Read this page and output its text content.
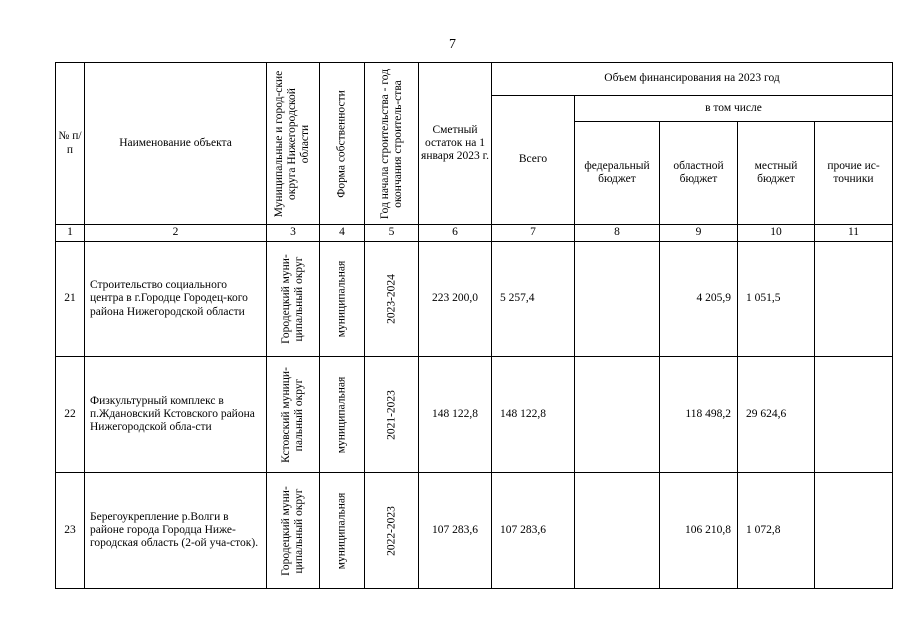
7
№ п/п	Наименование объекта	Муниципальные и город-ские округа Нижегородской области	Форма собственности	Год начала строительства - год окончания строитель-ства	Сметный остаток на 1 января 2023 г.	Объем финансирования на 2023 год				
						Всего	в том числе			
							федеральный бюджет	областной бюджет	местный бюджет	прочие ис-точники
1	2	3	4	5	6	7	8	9	10	11
21	Строительство социального центра в г.Городце Городец-кого района Нижегородской области	Городецкий муни-ципальный округ	муниципальная	2023-2024	223 200,0	5 257,4		4 205,9	1 051,5	
22	Физкультурный комплекс в п.Ждановский Кстовского района Нижегородской обла-сти	Кстовский муници-пальный округ	муниципальная	2021-2023	148 122,8	148 122,8		118 498,2	29 624,6	
23	Берегоукрепление р.Волги в районе города Городца Ниже-городская область (2-ой уча-сток).	Городецкий муни-ципальный округ	муниципальная	2022-2023	107 283,6	107 283,6		106 210,8	1 072,8	
